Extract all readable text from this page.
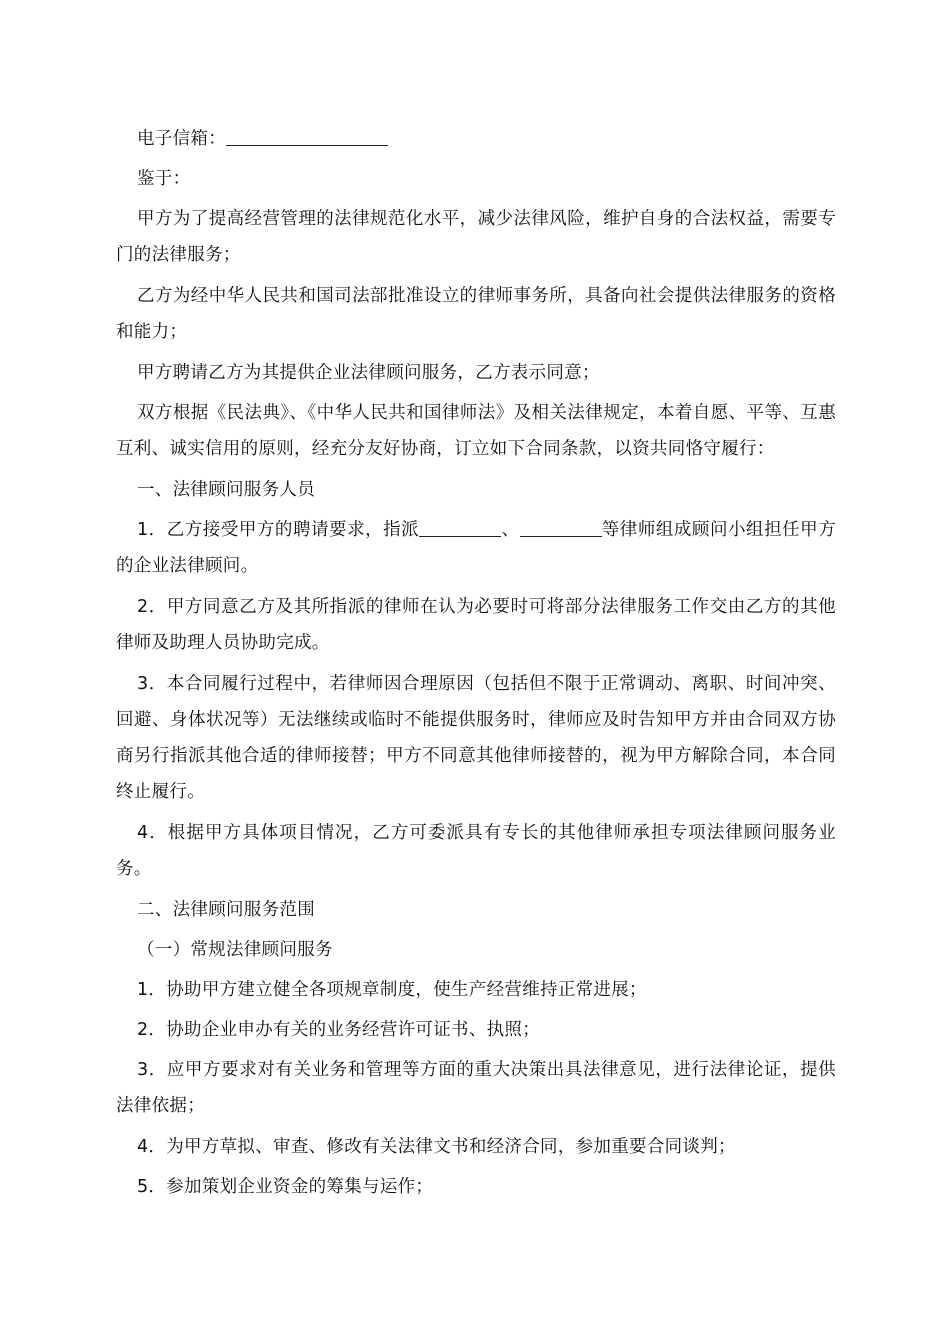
电子信箱：

鉴于：

甲方为了提高经营管理的法律规范化水平，减少法律风险，维护自身的合法权益，需要专门的法律服务；

乙方为经中华人民共和国司法部批准设立的律师事务所，具备向社会提供法律服务的资格和能力；

甲方聘请乙方为其提供企业法律顾问服务，乙方表示同意；

双方根据《民法典》、《中华人民共和国律师法》及相关法律规定，本着自愿、平等、互惠互利、诚实信用的原则，经充分友好协商，订立如下合同条款，以资共同恪守履行：

一、法律顾问服务人员

1．乙方接受甲方的聘请要求，指派	、	等律师组成顾问小组担任甲方的企业法律顾问。

2．甲方同意乙方及其所指派的律师在认为必要时可将部分法律服务工作交由乙方的其他律师及助理人员协助完成。

3．本合同履行过程中，若律师因合理原因（包括但不限于正常调动、离职、时间冲突、回避、身体状况等）无法继续或临时不能提供服务时，律师应及时告知甲方并由合同双方协商另行指派其他合适的律师接替；甲方不同意其他律师接替的，视为甲方解除合同，本合同终止履行。

4．根据甲方具体项目情况，乙方可委派具有专长的其他律师承担专项法律顾问服务业务。

二、法律顾问服务范围

（一）常规法律顾问服务

1．协助甲方建立健全各项规章制度，使生产经营维持正常进展；

2．协助企业申办有关的业务经营许可证书、执照；

3．应甲方要求对有关业务和管理等方面的重大决策出具法律意见，进行法律论证，提供法律依据；

4．为甲方草拟、审查、修改有关法律文书和经济合同，参加重要合同谈判；

5．参加策划企业资金的筹集与运作；
